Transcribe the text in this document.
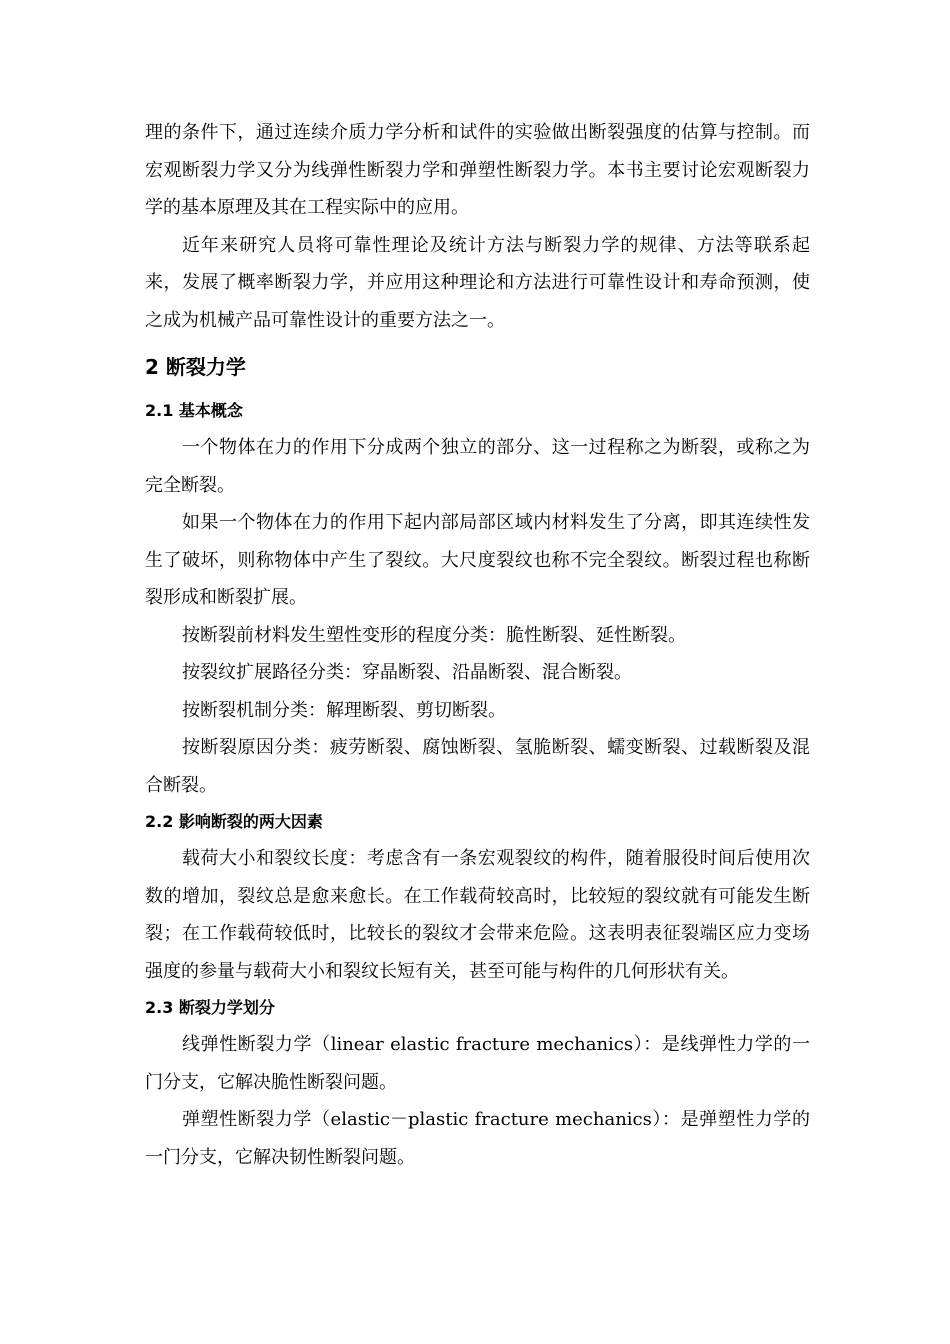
理的条件下，通过连续介质力学分析和试件的实验做出断裂强度的估算与控制。而宏观断裂力学又分为线弹性断裂力学和弹塑性断裂力学。本书主要讨论宏观断裂力学的基本原理及其在工程实际中的应用。

近年来研究人员将可靠性理论及统计方法与断裂力学的规律、方法等联系起来，发展了概率断裂力学，并应用这种理论和方法进行可靠性设计和寿命预测，使之成为机械产品可靠性设计的重要方法之一。

2 断裂力学
2.1 基本概念

一个物体在力的作用下分成两个独立的部分、这一过程称之为断裂，或称之为完全断裂。

如果一个物体在力的作用下起内部局部区域内材料发生了分离，即其连续性发生了破坏，则称物体中产生了裂纹。大尺度裂纹也称不完全裂纹。断裂过程也称断裂形成和断裂扩展。

按断裂前材料发生塑性变形的程度分类：脆性断裂、延性断裂。

按裂纹扩展路径分类：穿晶断裂、沿晶断裂、混合断裂。

按断裂机制分类：解理断裂、剪切断裂。

按断裂原因分类：疲劳断裂、腐蚀断裂、氢脆断裂、蠕变断裂、过载断裂及混合断裂。

2.2 影响断裂的两大因素

载荷大小和裂纹长度：考虑含有一条宏观裂纹的构件，随着服役时间后使用次数的增加，裂纹总是愈来愈长。在工作载荷较高时，比较短的裂纹就有可能发生断裂；在工作载荷较低时，比较长的裂纹才会带来危险。这表明表征裂端区应力变场强度的参量与载荷大小和裂纹长短有关，甚至可能与构件的几何形状有关。

2.3 断裂力学划分

线弹性断裂力学（linear elastic fracture mechanics）：是线弹性力学的一门分支，它解决脆性断裂问题。

弹塑性断裂力学（elastic－plastic fracture mechanics）：是弹塑性力学的一门分支，它解决韧性断裂问题。
